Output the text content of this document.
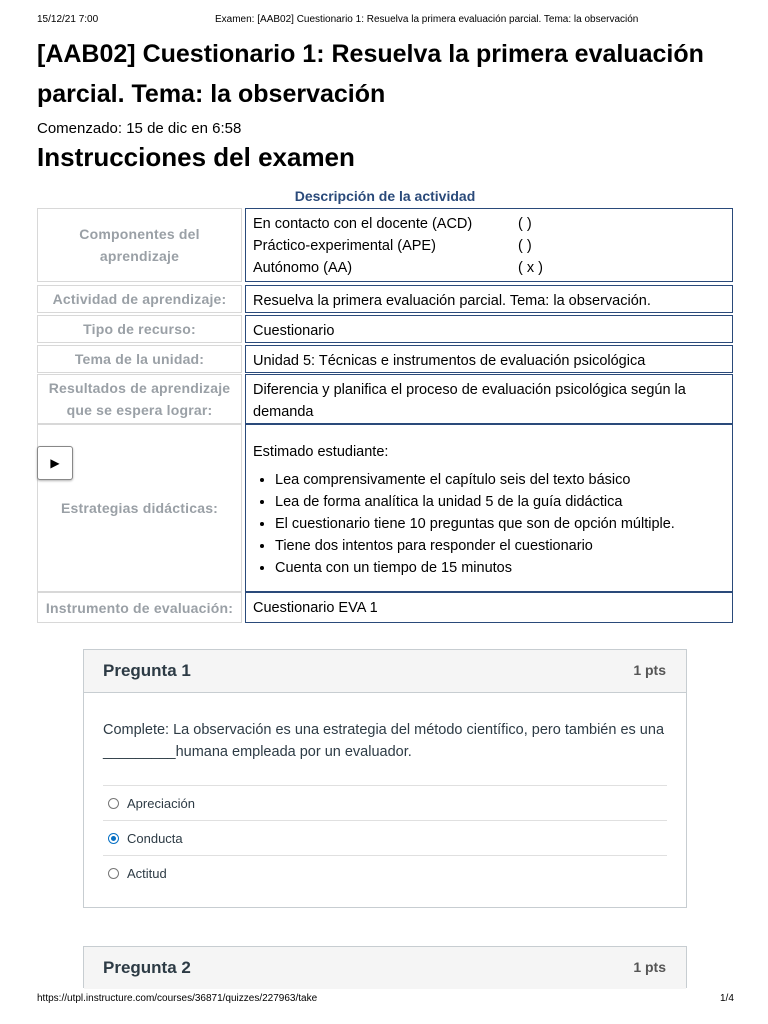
15/12/21 7:00	Examen: [AAB02] Cuestionario 1: Resuelva la primera evaluación parcial. Tema: la observación
[AAB02] Cuestionario 1: Resuelva la primera evaluación parcial. Tema: la observación
Comenzado: 15 de dic en 6:58
Instrucciones del examen
Descripción de la actividad
Componentes del aprendizaje
En contacto con el docente (ACD)	( )
Práctico-experimental (APE)	( )
Autónomo (AA)	( x )
Actividad de aprendizaje:	Resuelva la primera evaluación parcial. Tema: la observación.
Tipo de recurso:	Cuestionario
Tema de la unidad:	Unidad 5: Técnicas e instrumentos de evaluación psicológica
Resultados de aprendizaje que se espera lograr:
Diferencia y planifica el proceso de evaluación psicológica según la demanda
Estrategias didácticas:
Estimado estudiante:
• Lea comprensivamente el capítulo seis del texto básico
• Lea de forma analítica la unidad 5 de la guía didáctica
• El cuestionario tiene 10 preguntas que son de opción múltiple.
• Tiene dos intentos para responder el cuestionario
• Cuenta con un tiempo de 15 minutos
Instrumento de evaluación:	Cuestionario EVA 1
▶
Pregunta 1	1 pts
Complete: La observación es una estrategia del método científico, pero también es una _________humana empleada por un evaluador.
Apreciación
Conducta
Actitud
Pregunta 2	1 pts
https://utpl.instructure.com/courses/36871/quizzes/227963/take	1/4
